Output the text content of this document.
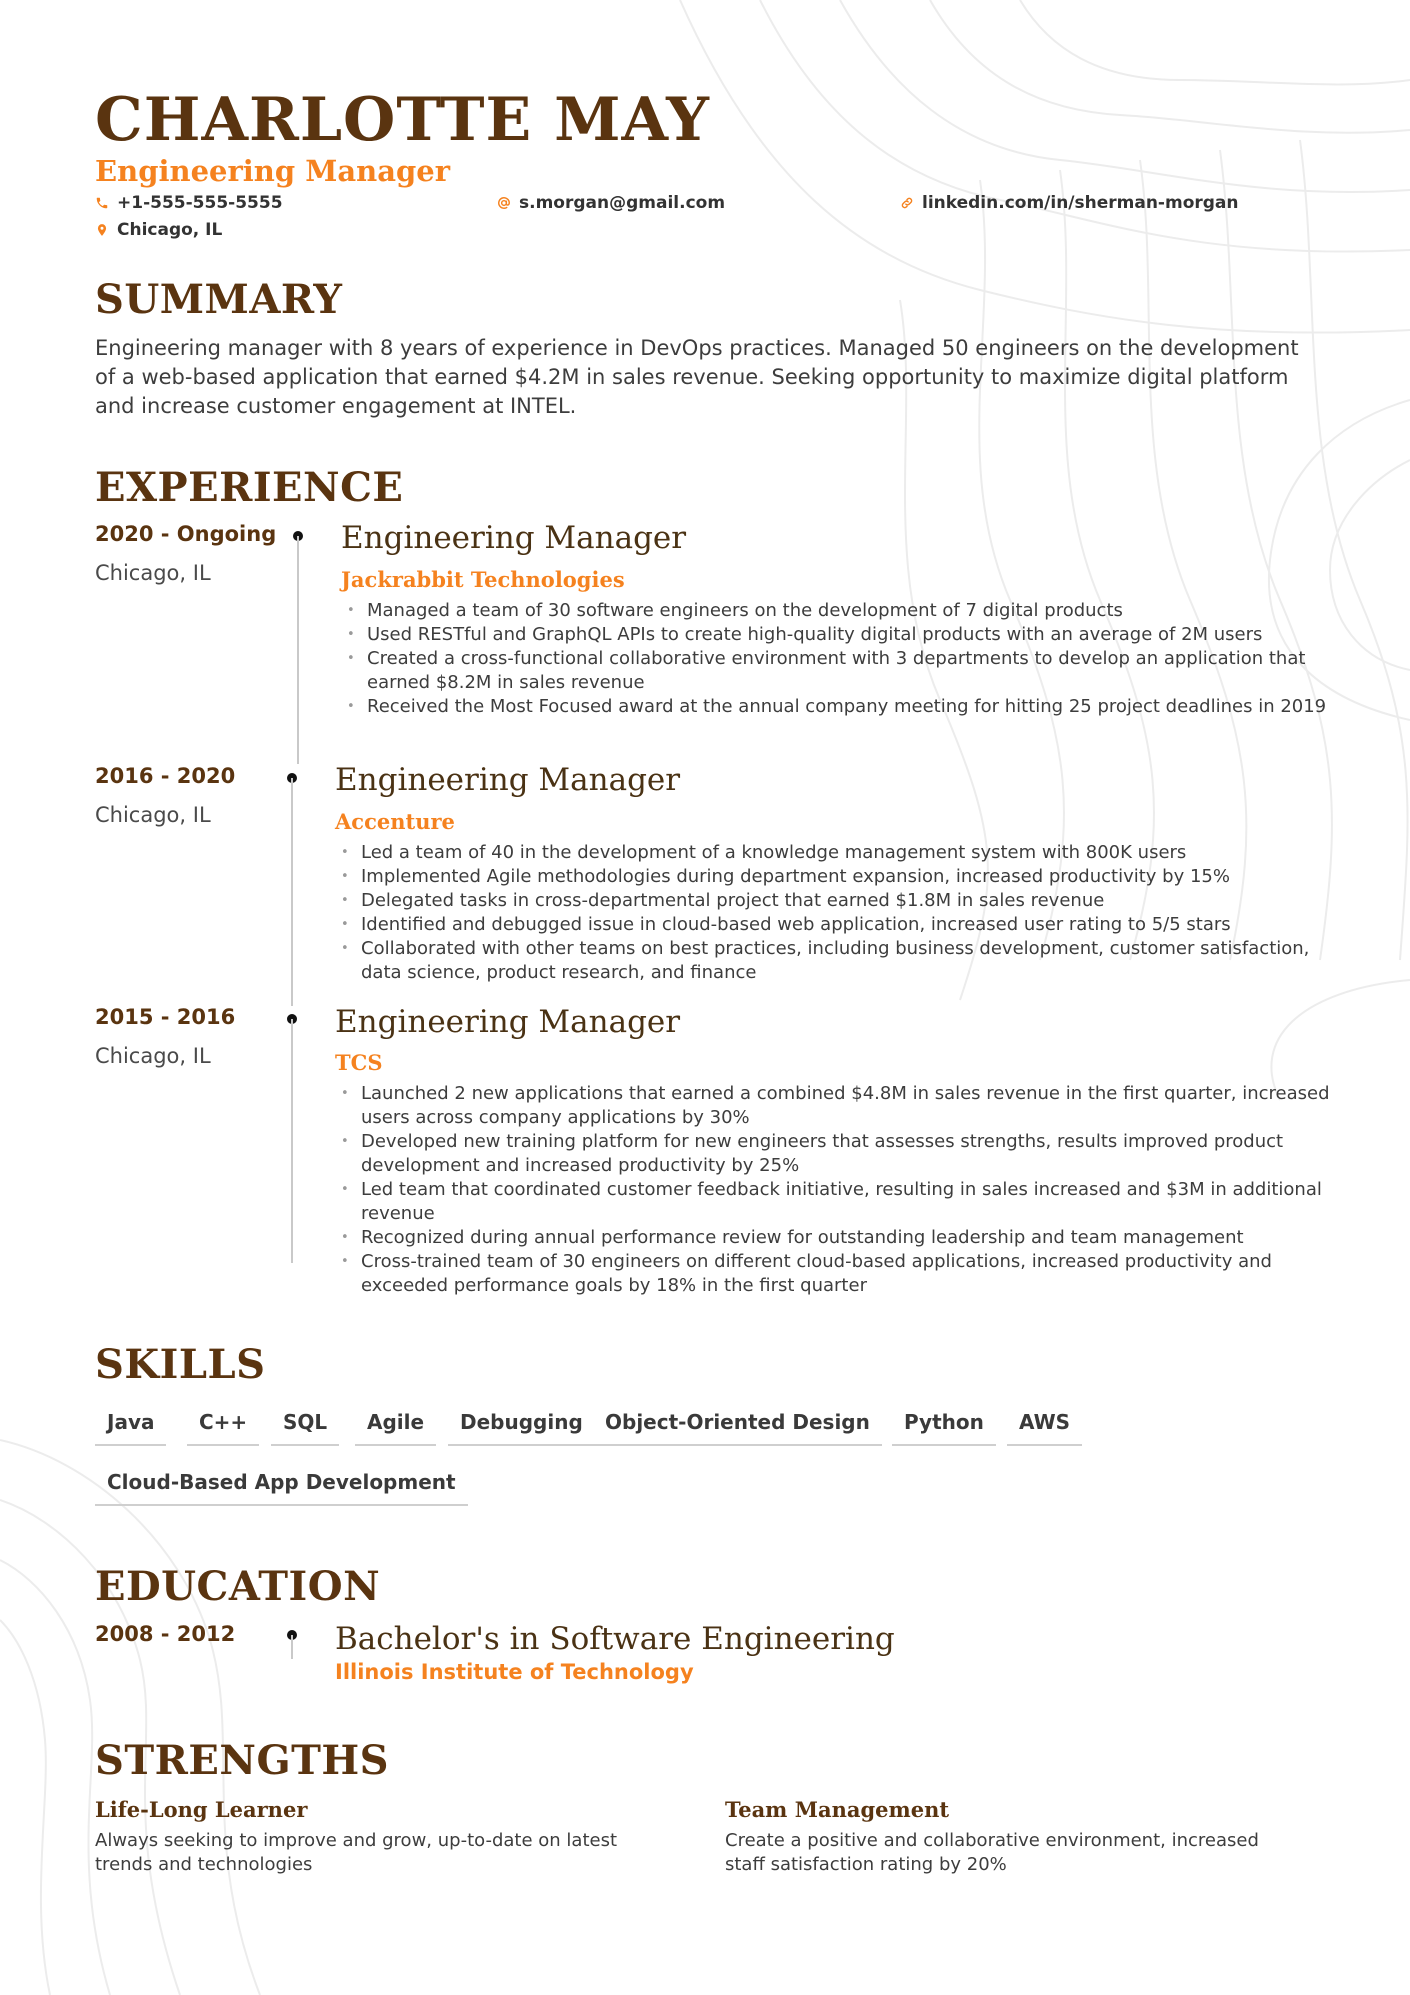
CHARLOTTE MAY
Engineering Manager
+1-555-555-5555	s.morgan@gmail.com	linkedin.com/in/sherman-morgan
Chicago, IL
SUMMARY

Engineering manager with 8 years of experience in DevOps practices. Managed 50 engineers on the development of a web-based application that earned $4.2M in sales revenue. Seeking opportunity to maximize digital platform and increase customer engagement at INTEL.

EXPERIENCE
2020 - Ongoing
Chicago, IL
Engineering Manager
Jackrabbit Technologies
• Managed a team of 30 software engineers on the development of 7 digital products
• Used RESTful and GraphQL APIs to create high-quality digital products with an average of 2M users
• Created a cross-functional collaborative environment with 3 departments to develop an application that earned $8.2M in sales revenue
• Received the Most Focused award at the annual company meeting for hitting 25 project deadlines in 2019
2016 - 2020
Chicago, IL
Engineering Manager
Accenture
• Led a team of 40 in the development of a knowledge management system with 800K users
• Implemented Agile methodologies during department expansion, increased productivity by 15%
• Delegated tasks in cross-departmental project that earned $1.8M in sales revenue
• Identified and debugged issue in cloud-based web application, increased user rating to 5/5 stars
• Collaborated with other teams on best practices, including business development, customer satisfaction, data science, product research, and finance
2015 - 2016
Chicago, IL
Engineering Manager
TCS
• Launched 2 new applications that earned a combined $4.8M in sales revenue in the first quarter, increased users across company applications by 30%
• Developed new training platform for new engineers that assesses strengths, results improved product development and increased productivity by 25%
• Led team that coordinated customer feedback initiative, resulting in sales increased and $3M in additional revenue
• Recognized during annual performance review for outstanding leadership and team management
• Cross-trained team of 30 engineers on different cloud-based applications, increased productivity and exceeded performance goals by 18% in the first quarter
SKILLS
Java	C++	SQL	Agile	Debugging	Object-Oriented Design	Python	AWS
Cloud-Based App Development
EDUCATION
2008 - 2012	Bachelor's in Software Engineering
Illinois Institute of Technology
STRENGTHS
Life-Long Learner

Always seeking to improve and grow, up-to-date on latest trends and technologies

Team Management

Create a positive and collaborative environment, increased staff satisfaction rating by 20%
